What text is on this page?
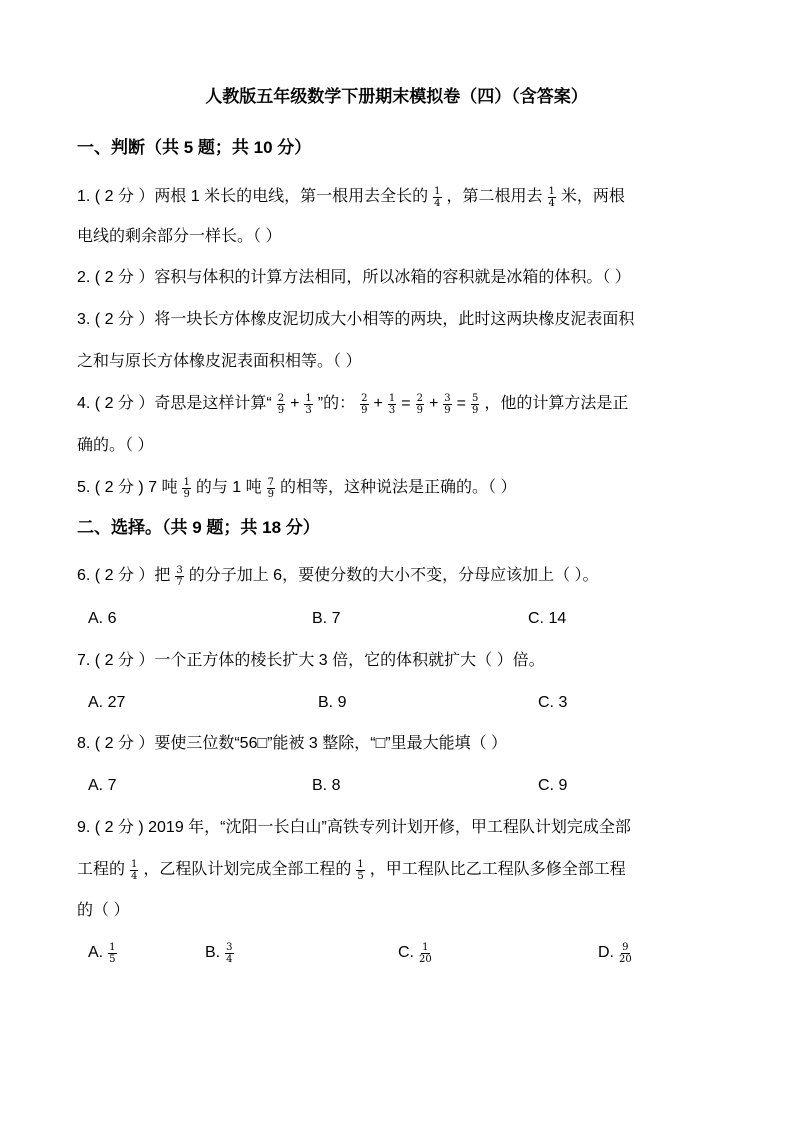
人教版五年级数学下册期末模拟卷（四）（含答案）
一、判断（共 5 题；共 10 分）
1. ( 2 分 ）两根 1 米长的电线，第一根用去全长的 $\frac{1}{4}$ ，第二根用去 $\frac{1}{4}$ 米，两根
电线的剩余部分一样长。（ ）
2. ( 2 分 ）容积与体积的计算方法相同，所以冰箱的容积就是冰箱的体积。（ ）
3. ( 2 分 ）将一块长方体橡皮泥切成大小相等的两块，此时这两块橡皮泥表面积
之和与原长方体橡皮泥表面积相等。（ ）
4. ( 2 分 ）奇思是这样计算“ $\frac{2}{9} + \frac{1}{3}$ ”的： $\frac{2}{9} + \frac{1}{3} = \frac{2}{9} + \frac{3}{9} = \frac{5}{9}$ ，他的计算方法是正
确的。（ ）
5. ( 2 分 ) 7 吨 $\frac{1}{9}$ 的与 1 吨 $\frac{7}{9}$ 的相等，这种说法是正确的。（ ）
二、选择。（共 9 题；共 18 分）
6. ( 2 分 ）把 $\frac{3}{7}$ 的分子加上 6，要使分数的大小不变，分母应该加上（ ）。
A. 6	B. 7	C. 14
7. ( 2 分 ）一个正方体的棱长扩大 3 倍，它的体积就扩大（ ）倍。
A. 27	B. 9	C. 3
8. ( 2 分 ）要使三位数“56□”能被 3 整除，“□”里最大能填（ ）
A. 7	B. 8	C. 9
9. ( 2 分 ) 2019 年，“沈阳一长白山”高铁专列计划开修，甲工程队计划完成全部
工程的 $\frac{1}{4}$ ，乙程队计划完成全部工程的 $\frac{1}{5}$ ，甲工程队比乙工程队多修全部工程
的（ ）
A. $\frac{1}{5}$	B. $\frac{3}{4}$	C. $\frac{1}{20}$	D. $\frac{9}{20}$
